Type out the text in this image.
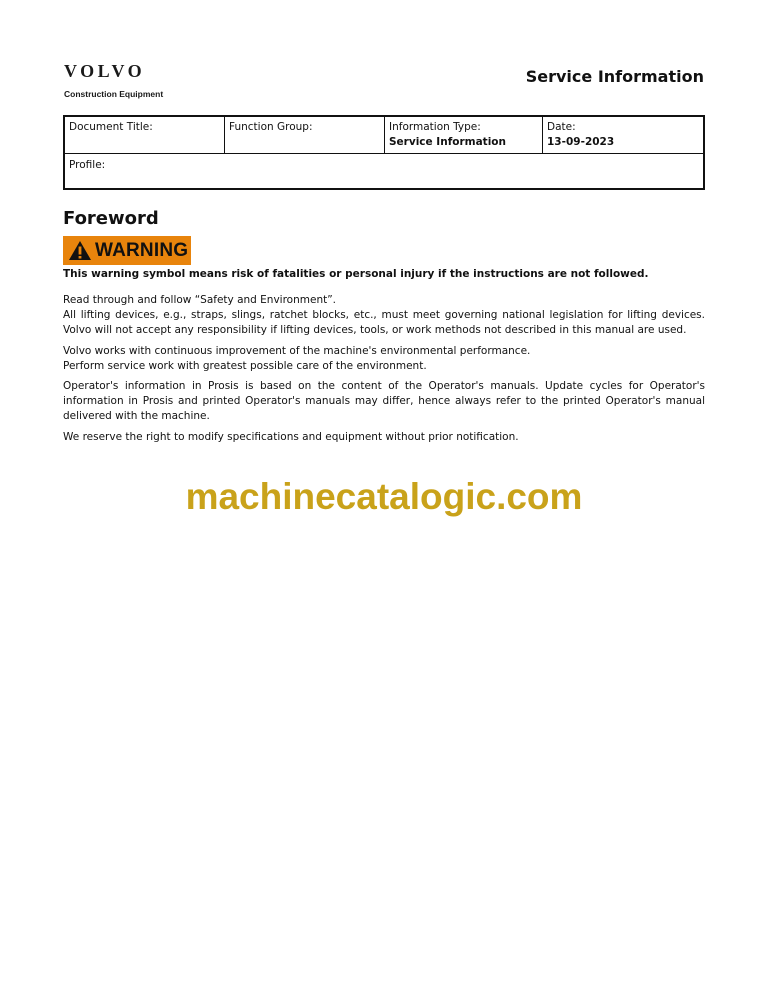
VOLVO
Construction Equipment
Service Information
Document Title:	Function Group:	Information Type:
Service Information
Date:
13-09-2023
Profile:
Foreword
WARNING
This warning symbol means risk of fatalities or personal injury if the instructions are not followed.

Read through and follow “Safety and Environment”.
All lifting devices, e.g., straps, slings, ratchet blocks, etc., must meet governing national legislation for lifting devices. Volvo will not accept any responsibility if lifting devices, tools, or work methods not described in this manual are used.

Volvo works with continuous improvement of the machine's environmental performance.
Perform service work with greatest possible care of the environment.

Operator's information in Prosis is based on the content of the Operator's manuals. Update cycles for Operator's information in Prosis and printed Operator's manuals may differ, hence always refer to the printed Operator's manual delivered with the machine.

We reserve the right to modify specifications and equipment without prior notification.

machinecatalogic.com
